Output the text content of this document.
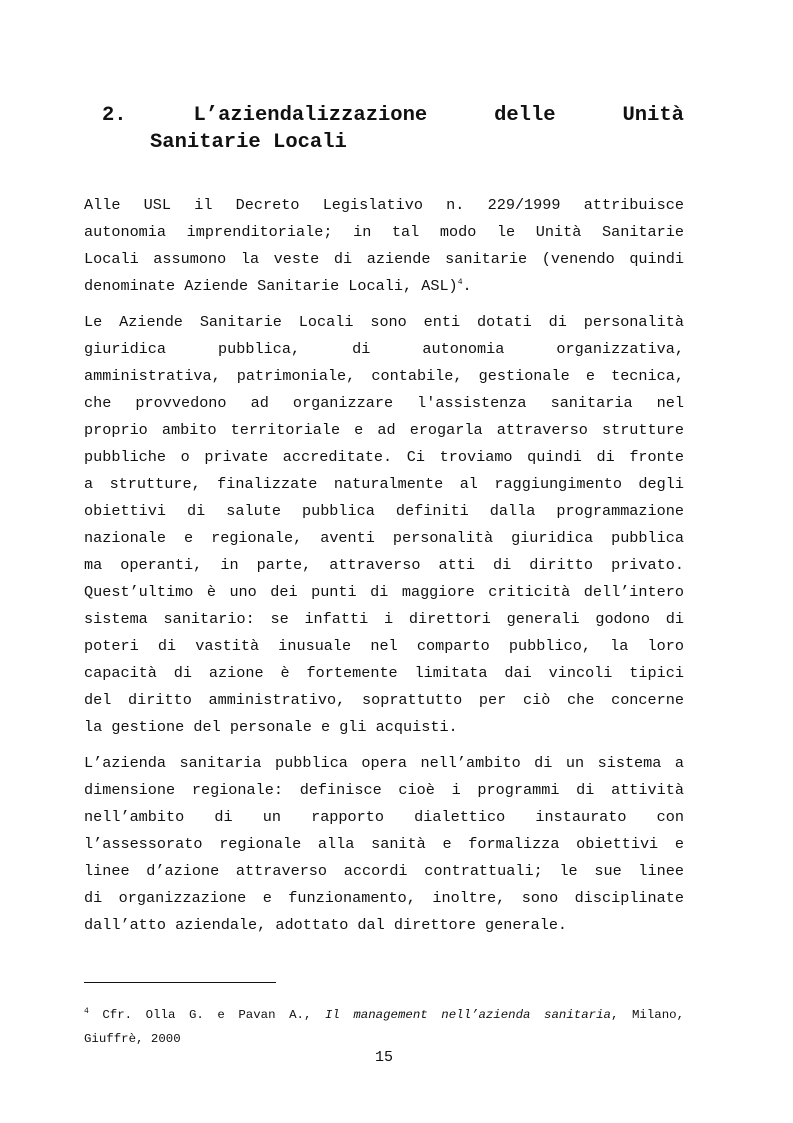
2.	L’aziendalizzazione	delle	Unità
Sanitarie Locali
Alle USL il Decreto Legislativo n. 229/1999 attribuisce
autonomia imprenditoriale; in tal modo le Unità Sanitarie
Locali assumono la veste di aziende sanitarie (venendo quindi
denominate Aziende Sanitarie Locali, ASL)$^4$.
Le Aziende Sanitarie Locali sono enti dotati di personalità
giuridica pubblica, di autonomia organizzativa,
amministrativa, patrimoniale, contabile, gestionale e tecnica,
che provvedono ad organizzare l'assistenza sanitaria nel
proprio ambito territoriale e ad erogarla attraverso strutture
pubbliche o private accreditate. Ci troviamo quindi di fronte
a strutture, finalizzate naturalmente al raggiungimento degli
obiettivi di salute pubblica definiti dalla programmazione
nazionale e regionale, aventi personalità giuridica pubblica
ma operanti, in parte, attraverso atti di diritto privato.
Quest’ultimo è uno dei punti di maggiore criticità dell’intero
sistema sanitario: se infatti i direttori generali godono di
poteri di vastità inusuale nel comparto pubblico, la loro
capacità di azione è fortemente limitata dai vincoli tipici
del diritto amministrativo, soprattutto per ciò che concerne
la gestione del personale e gli acquisti.
L’azienda sanitaria pubblica opera nell’ambito di un sistema a
dimensione regionale: definisce cioè i programmi di attività
nell’ambito di un rapporto dialettico instaurato con
l’assessorato regionale alla sanità e formalizza obiettivi e
linee d’azione attraverso accordi contrattuali; le sue linee
di organizzazione e funzionamento, inoltre, sono disciplinate
dall’atto aziendale, adottato dal direttore generale.
$^4$ Cfr. Olla G. e Pavan A., Il management nell’azienda sanitaria, Milano,
Giuffrè, 2000
15
